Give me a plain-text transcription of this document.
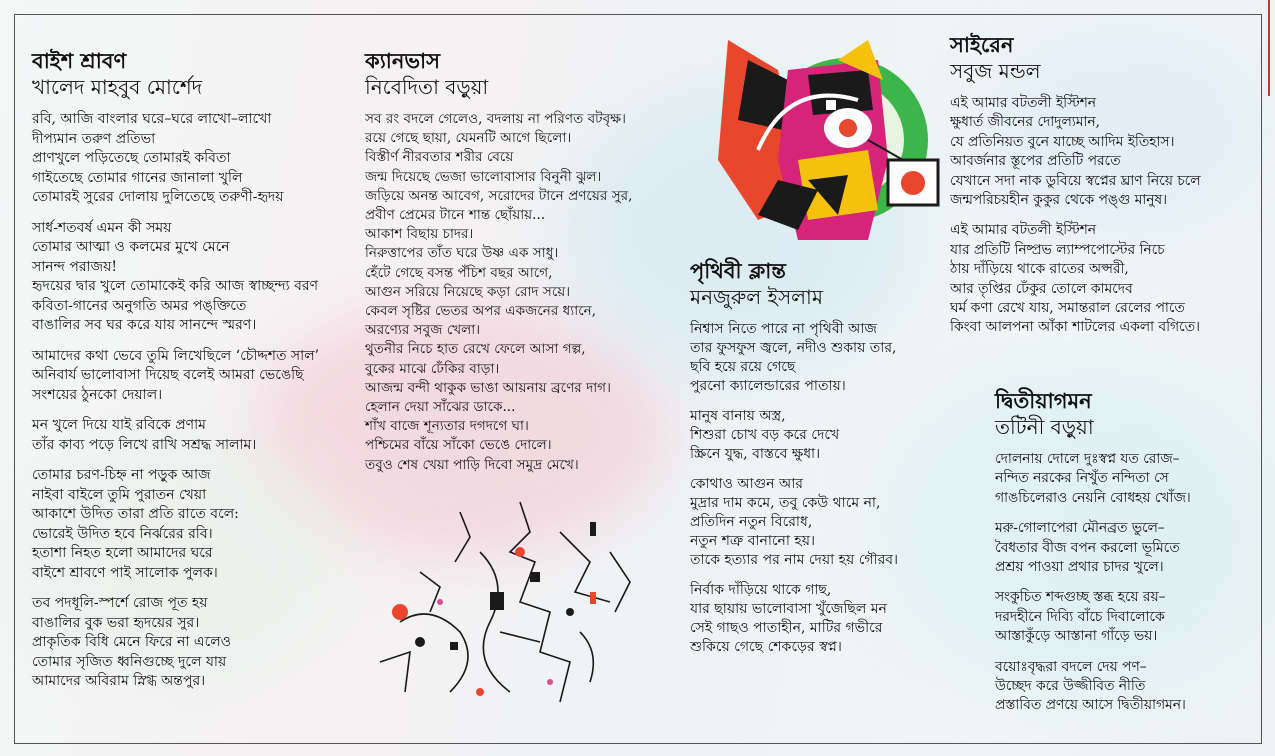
বাইশ শ্রাবণ
খালেদ মাহবুব মোর্শেদ
রবি, আজি বাংলার ঘরে–ঘরে লাখো–লাখো
দীপ্যমান তরুণ প্রতিভা
প্রাণখুলে পড়িতেছে তোমারই কবিতা
গাইতেছে তোমার গানের জানালা খুলি
তোমারই সুরের দোলায় দুলিতেছে তরুণী-হৃদয়
সার্ধ-শতবর্ষ এমন কী সময়
তোমার আত্মা ও কলমের মুখে মেনে
সানন্দ পরাজয়!
হৃদয়ের দ্বার খুলে তোমাকেই করি আজ স্বাচ্ছন্দ্য বরণ
কবিতা-গানের অনুগতি অমর পঙ্‌ক্তিতে
বাঙালির সব ঘর করে যায় সানন্দে স্মরণ।
আমাদের কথা ভেবে তুমি লিখেছিলে ‘চৌদ্দশত সাল’
অনিবার্য ভালোবাসা দিয়েছ বলেই আমরা ভেঙেছি
সংশয়ের ঠুনকো দেয়াল।
মন খুলে দিয়ে যাই রবিকে প্রণাম
তাঁর কাব্য পড়ে লিখে রাখি সশ্রদ্ধ সালাম।
তোমার চরণ-চিহ্ন না পড়ুক আজ
নাইবা বাইলে তুমি পুরাতন খেয়া
আকাশে উদিত তারা প্রতি রাতে বলে:
ভোরেই উদিত হবে নির্ঝরের রবি।
হতাশা নিহত হলো আমাদের ঘরে
বাইশে শ্রাবণে পাই সালোক পুলক।
তব পদধূলি-স্পর্শে রোজ পূত হয়
বাঙালির বুক ভরা হৃদয়ের সুর।
প্রাকৃতিক বিধি মেনে ফিরে না এলেও
তোমার সৃজিত ধ্বনিগুচ্ছে দুলে যায়
আমাদের অবিরাম স্নিগ্ধ অন্তপুর।
ক্যানভাস
নিবেদিতা বড়ুয়া
সব রং বদলে গেলেও, বদলায় না পরিণত বটবৃক্ষ।
রয়ে গেছে ছায়া, যেমনটি আগে ছিলো।
বিস্তীর্ণ নীরবতার শরীর বেয়ে
জন্ম দিয়েছে ভেজা ভালোবাসার বিনুনী ঝুল।
জড়িয়ে অনন্ত আবেগ, সরোদের টানে প্রণয়ের সুর,
প্রবীণ প্রেমের টানে শান্ত ছোঁয়ায়...
আকাশ বিছায় চাদর।
নিরুত্তাপের তাঁত ঘরে উষ্ণ এক সাধু।
হেঁটে গেছে বসন্ত পঁচিশ বছর আগে,
আগুন সরিয়ে নিয়েছে কড়া রোদ সয়ে।
কেবল সৃষ্টির ভেতর অপর একজনের ধ্যানে,
অরণ্যের সবুজ খেলা।
থুতনীর নিচে হাত রেখে ফেলে আসা গল্প,
বুকের মাঝে ঢেঁকির বাড়া।
আজন্ম বন্দী থাকুক ভাঙা আয়নায় ব্রণের দাগ।
হেলান দেয়া সাঁঝের ডাকে...
শাঁখ বাজে শূন্যতার দগদগে ঘা।
পশ্চিমের বাঁয়ে সাঁকো ভেঙে দোলে।
তবুও শেষ খেয়া পাড়ি দিবো সমুদ্র মেখে।
পৃথিবী ক্লান্ত
মনজুরুল ইসলাম
নিশ্বাস নিতে পারে না পৃথিবী আজ
তার ফুসফুস জ্বলে, নদীও শুকায় তার,
ছবি হয়ে রয়ে গেছে
পুরনো ক্যালেন্ডারের পাতায়।
মানুষ বানায় অস্ত্র,
শিশুরা চোখ বড় করে দেখে
স্ক্রিনে যুদ্ধ, বাস্তবে ক্ষুধা।
কোথাও আগুন আর
মুদ্রার দাম কমে, তবু কেউ থামে না,
প্রতিদিন নতুন বিরোধ,
নতুন শত্রু বানানো হয়।
তাকে হত্যার পর নাম দেয়া হয় গৌরব।
নির্বাক দাঁড়িয়ে থাকে গাছ,
যার ছায়ায় ভালোবাসা খুঁজেছিল মন
সেই গাছও পাতাহীন, মাটির গভীরে
শুকিয়ে গেছে শেকড়ের স্বপ্ন।
সাইরেন
সবুজ মন্ডল
এই আমার বটতলী ইস্টিশন
ক্ষুধার্ত জীবনের দোদুল্যমান,
যে প্রতিনিয়ত বুনে যাচ্ছে আদিম ইতিহাস।
আবর্জনার স্তূপের প্রতিটি পরতে
যেখানে সদা নাক ডুবিয়ে স্বপ্নের ঘ্রাণ নিয়ে চলে
জন্মপরিচয়হীন কুকুর থেকে পঙ্গু মানুষ।
এই আমার বটতলী ইস্টিশন
যার প্রতিটি নিষ্প্রভ ল্যাম্পপোস্টের নিচে
ঠায় দাঁড়িয়ে থাকে রাতের অপ্সরী,
আর তৃপ্তির ঢেঁকুর তোলে কামদেব
ঘর্ম কণা রেখে যায়, সমান্তরাল রেলের পাতে
কিংবা আলপনা আঁকা শাটলের একলা বগিতে।
দ্বিতীয়াগমন
তটিনী বড়ুয়া
দোলনায় দোলে দুঃস্বপ্ন যত রোজ–
নন্দিত নরকের নিখুঁত নন্দিতা সে
গাঙচিলেরাও নেয়নি বোধহয় খোঁজ।
মরু-গোলাপেরা মৌনব্রত ভুলে–
বৈধতার বীজ বপন করলো ভূমিতে
প্রশ্রয় পাওয়া প্রথার চাদর খুলে।
সংকুচিত শব্দগুচ্ছ স্তব্ধ হয়ে রয়–
দরদহীনে দিব্যি বাঁচে দিবালোকে
আস্তাকুঁড়ে আস্তানা গাঁড়ে ভয়।
বয়োঃবৃদ্ধরা বদলে দেয় পণ–
উচ্ছেদ করে উজ্জীবিত নীতি
প্রস্তাবিত প্রণয়ে আসে দ্বিতীয়াগমন।
